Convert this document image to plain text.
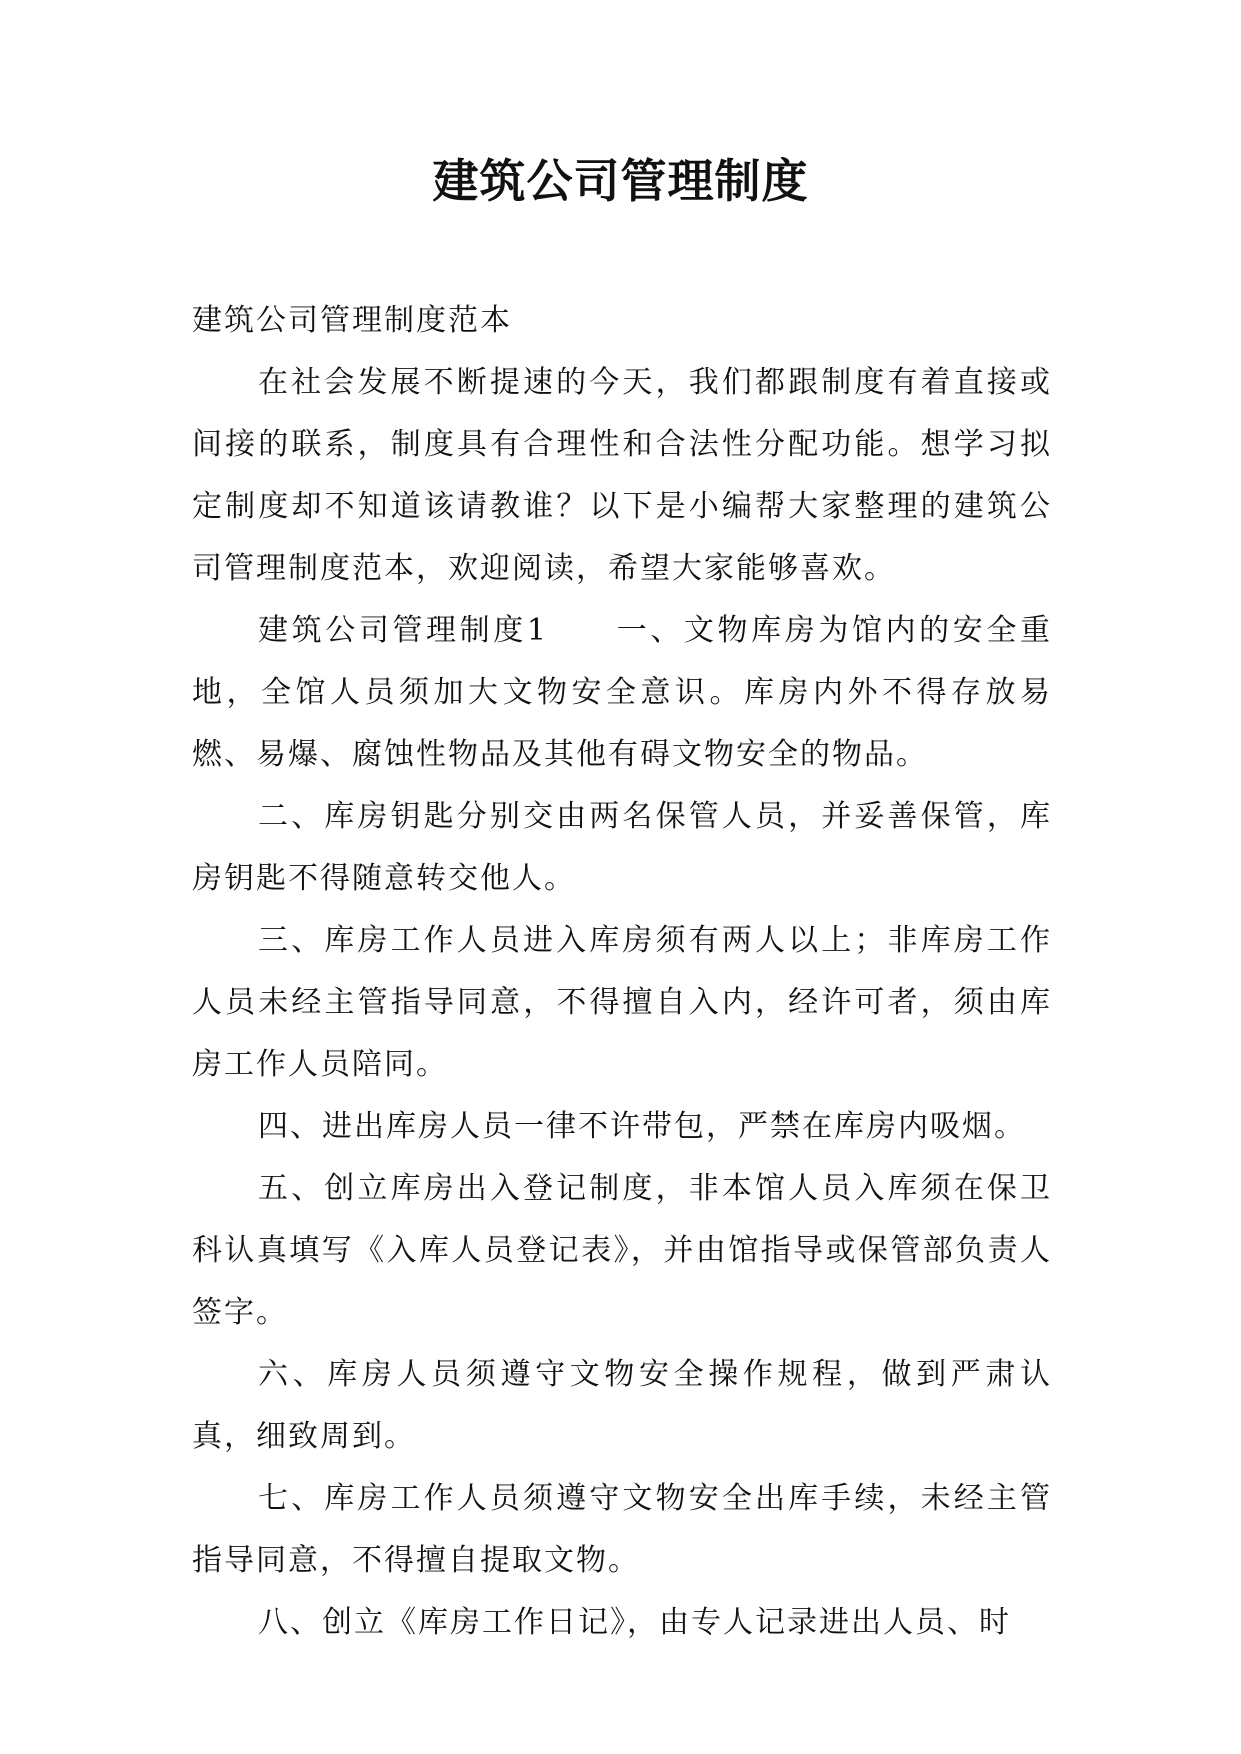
建筑公司管理制度

建筑公司管理制度范本

在社会发展不断提速的今天，我们都跟制度有着直接或间接的联系，制度具有合理性和合法性分配功能。想学习拟定制度却不知道该请教谁？以下是小编帮大家整理的建筑公司管理制度范本，欢迎阅读，希望大家能够喜欢。

建筑公司管理制度1　　一、文物库房为馆内的安全重地，全馆人员须加大文物安全意识。库房内外不得存放易燃、易爆、腐蚀性物品及其他有碍文物安全的物品。

二、库房钥匙分别交由两名保管人员，并妥善保管，库房钥匙不得随意转交他人。

三、库房工作人员进入库房须有两人以上；非库房工作人员未经主管指导同意，不得擅自入内，经许可者，须由库房工作人员陪同。

四、进出库房人员一律不许带包，严禁在库房内吸烟。

五、创立库房出入登记制度，非本馆人员入库须在保卫科认真填写《入库人员登记表》，并由馆指导或保管部负责人签字。

六、库房人员须遵守文物安全操作规程，做到严肃认真，细致周到。

七、库房工作人员须遵守文物安全出库手续，未经主管指导同意，不得擅自提取文物。

八、创立《库房工作日记》，由专人记录进出人员、时
